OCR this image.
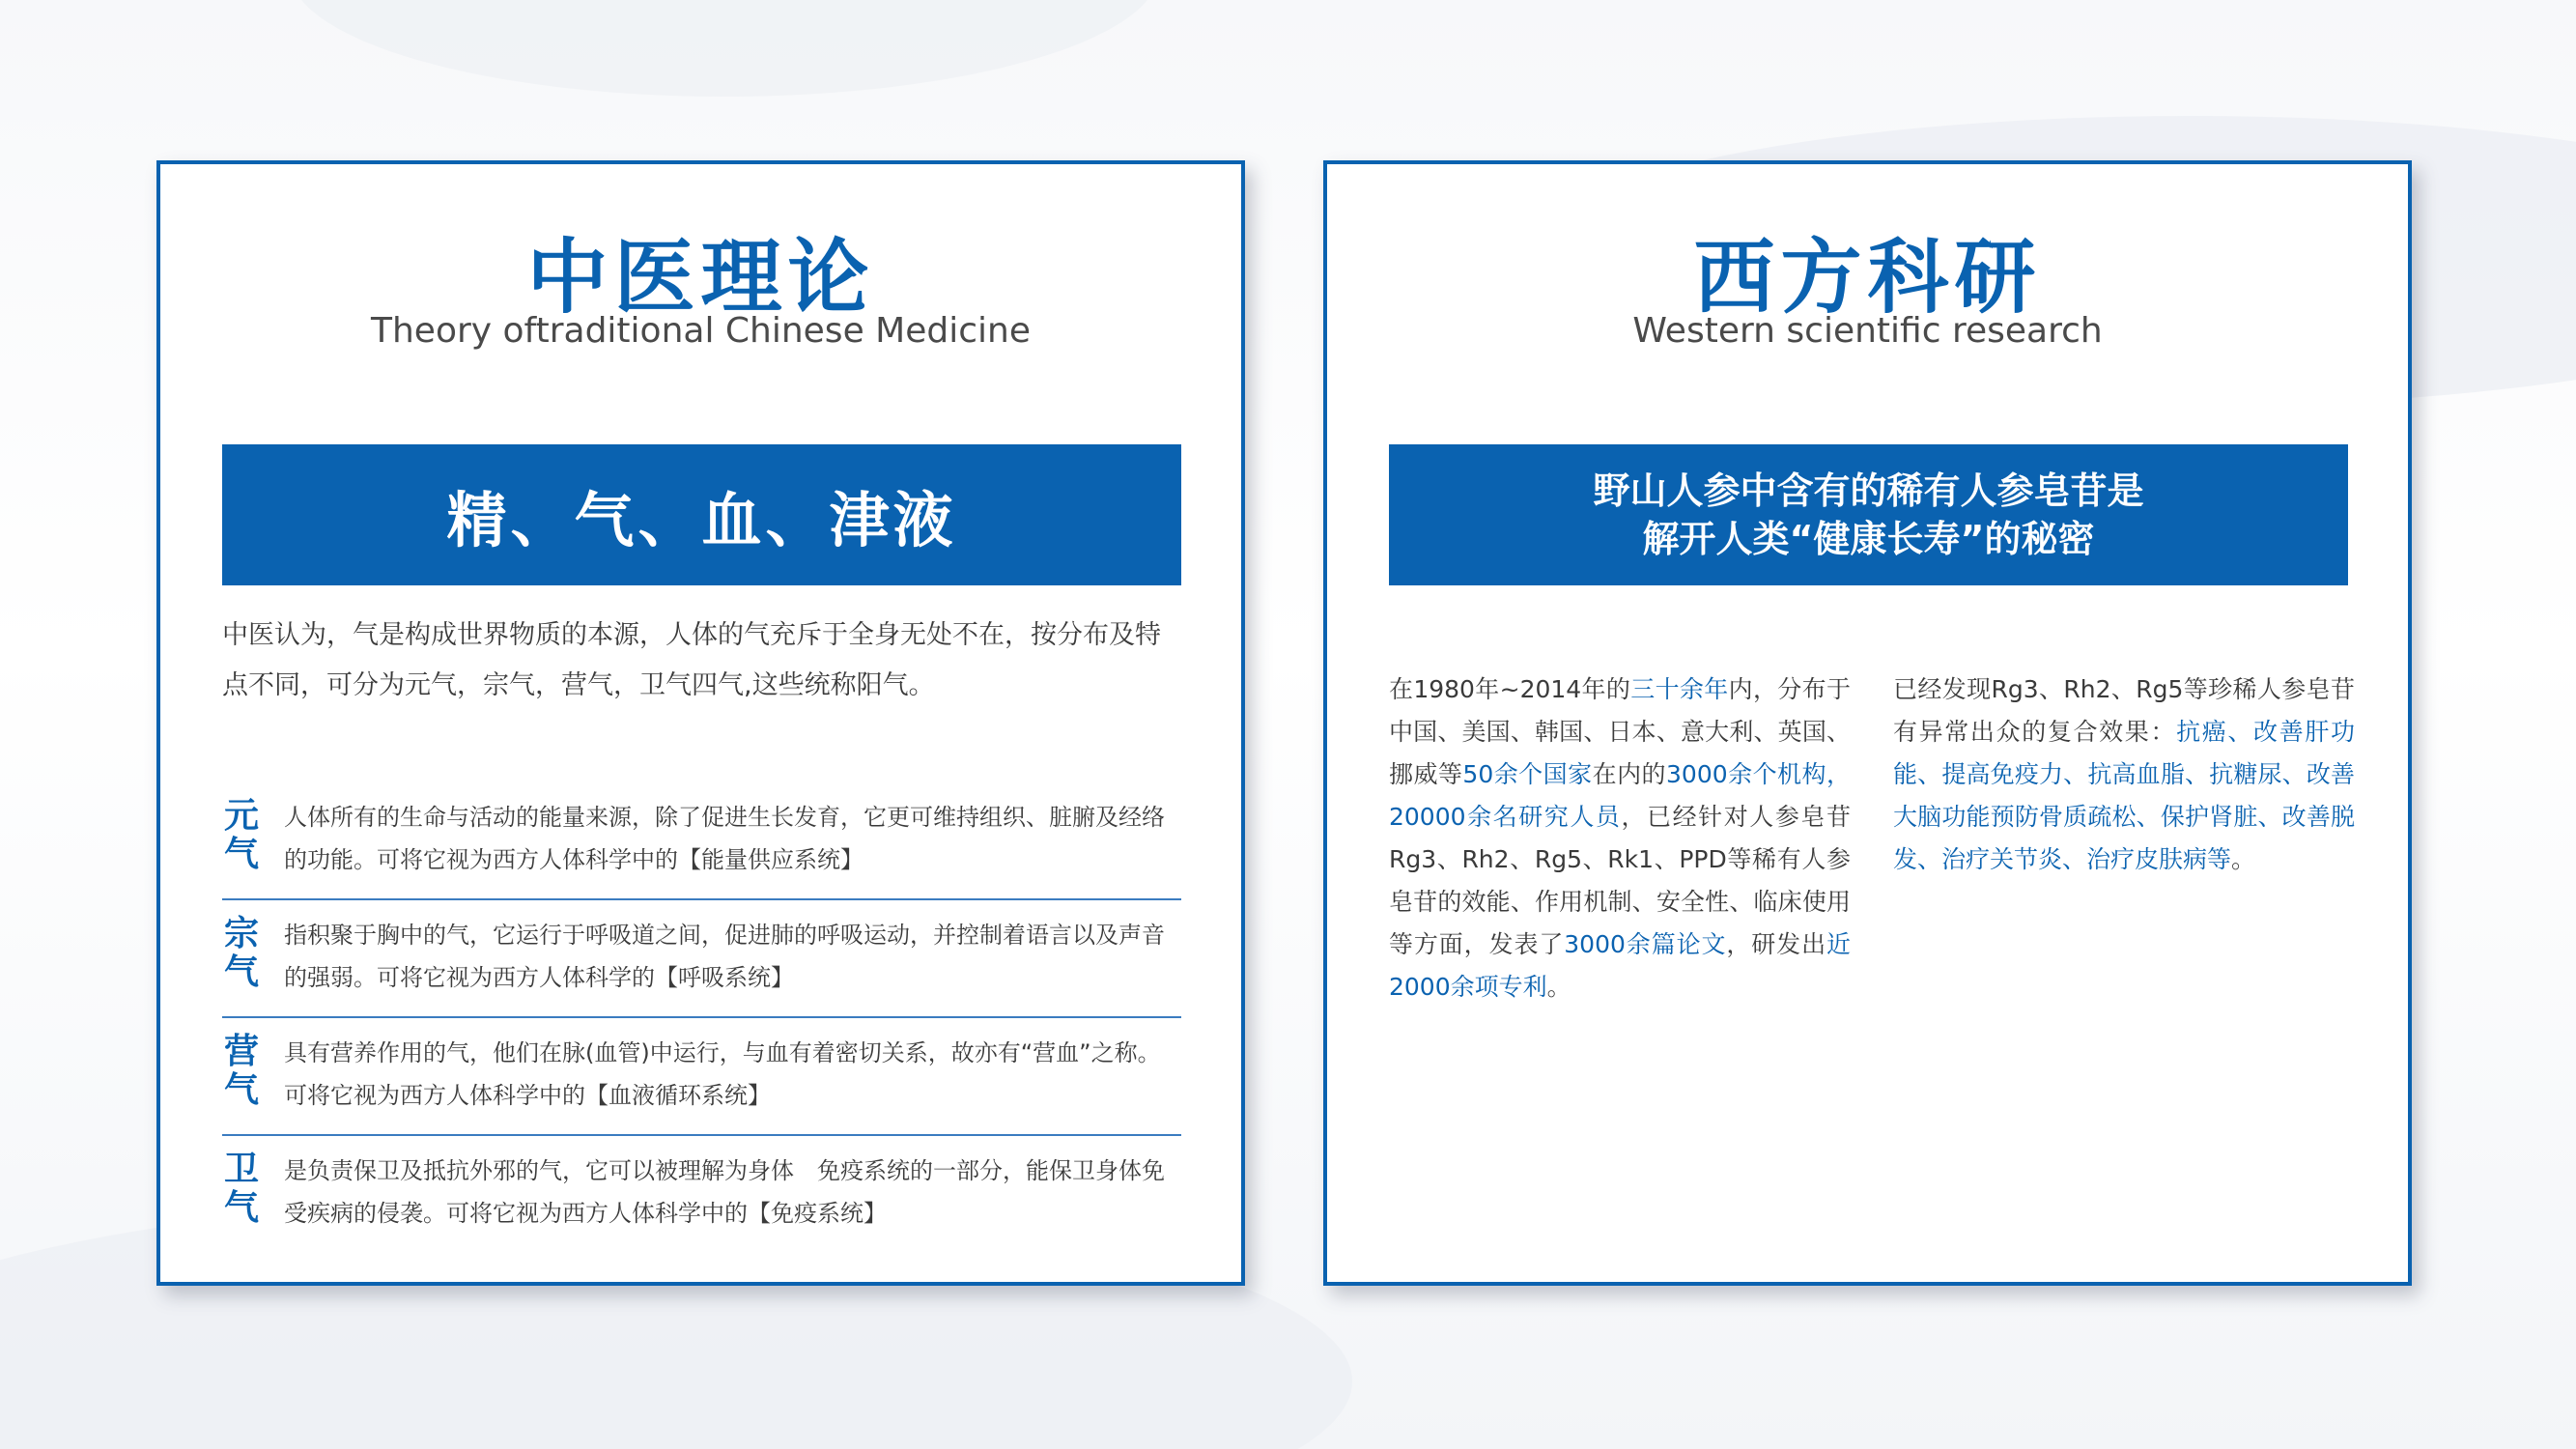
中医理论
Theory oftraditional Chinese Medicine
精、气、血、津液
中医认为，气是构成世界物质的本源，人体的气充斥于全身无处不在，按分布及特点不同，可分为元气，宗气，营气，卫气四气,这些统称阳气。
元气
人体所有的生命与活动的能量来源，除了促进生长发育，它更可维持组织、脏腑及经络的功能。可将它视为西方人体科学中的【能量供应系统】
宗气
指积聚于胸中的气，它运行于呼吸道之间，促进肺的呼吸运动，并控制着语言以及声音的强弱。可将它视为西方人体科学的【呼吸系统】
营气
具有营养作用的气，他们在脉(血管)中运行，与血有着密切关系，故亦有“营血”之称。可将它视为西方人体科学中的【血液循环系统】
卫气
是负责保卫及抵抗外邪的气，它可以被理解为身体　免疫系统的一部分，能保卫身体免受疾病的侵袭。可将它视为西方人体科学中的【免疫系统】
西方科研
Western scientific research
野山人参中含有的稀有人参皂苷是
解开人类“健康长寿”的秘密
在1980年~2014年的三十余年内，分布于中国、美国、韩国、日本、意大利、英国、挪威等50余个国家在内的3000余个机构，20000余名研究人员，已经针对人参皂苷Rg3、Rh2、Rg5、Rk1、PPD等稀有人参皂苷的效能、作用机制、安全性、临床使用等方面，发表了3000余篇论文，研发出近2000余项专利。
已经发现Rg3、Rh2、Rg5等珍稀人参皂苷有异常出众的复合效果：抗癌、改善肝功能、提高免疫力、抗高血脂、抗糖尿、改善大脑功能预防骨质疏松、保护肾脏、改善脱发、治疗关节炎、治疗皮肤病等。
